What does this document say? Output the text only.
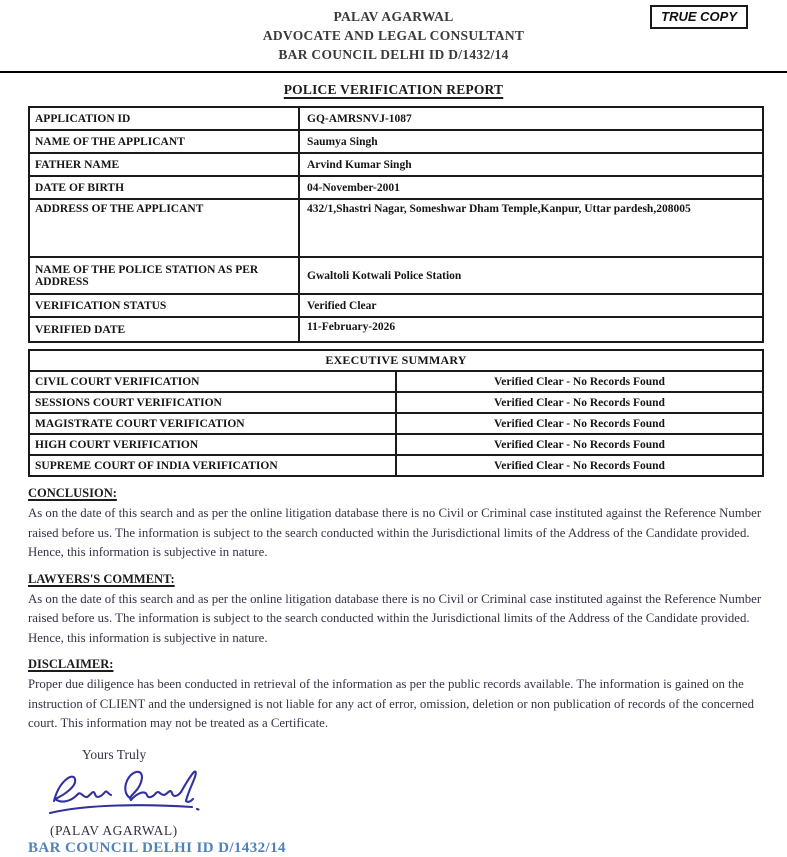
TRUE COPY
PALAV AGARWAL
ADVOCATE AND LEGAL CONSULTANT
BAR COUNCIL DELHI ID D/1432/14
POLICE VERIFICATION REPORT
APPLICATION ID	GQ-AMRSNVJ-1087
NAME OF THE APPLICANT	Saumya Singh
FATHER NAME	Arvind Kumar Singh
DATE OF BIRTH	04-November-2001
ADDRESS OF THE APPLICANT	432/1,Shastri Nagar, Someshwar Dham Temple,Kanpur, Uttar pardesh,208005
NAME OF THE POLICE STATION AS PER ADDRESS	Gwaltoli Kotwali Police Station
VERIFICATION STATUS	Verified Clear
VERIFIED DATE	11-February-2026
EXECUTIVE SUMMARY	
CIVIL COURT VERIFICATION	Verified Clear - No Records Found
SESSIONS COURT VERIFICATION	Verified Clear - No Records Found
MAGISTRATE COURT VERIFICATION	Verified Clear - No Records Found
HIGH COURT VERIFICATION	Verified Clear - No Records Found
SUPREME COURT OF INDIA VERIFICATION	Verified Clear - No Records Found
CONCLUSION:
As on the date of this search and as per the online litigation database there is no Civil or Criminal case instituted against the Reference Number raised before us. The information is subject to the search conducted within the Jurisdictional limits of the Address of the Candidate provided. Hence, this information is subjective in nature.
LAWYERS'S COMMENT:
As on the date of this search and as per the online litigation database there is no Civil or Criminal case instituted against the Reference Number raised before us. The information is subject to the search conducted within the Jurisdictional limits of the Address of the Candidate provided. Hence, this information is subjective in nature.
DISCLAIMER:
Proper due diligence has been conducted in retrieval of the information as per the public records available. The information is gained on the instruction of CLIENT and the undersigned is not liable for any act of error, omission, deletion or non publication of records of the concerned court. This information may not be treated as a Certificate.
Yours Truly
(PALAV AGARWAL)
BAR COUNCIL DELHI ID D/1432/14
